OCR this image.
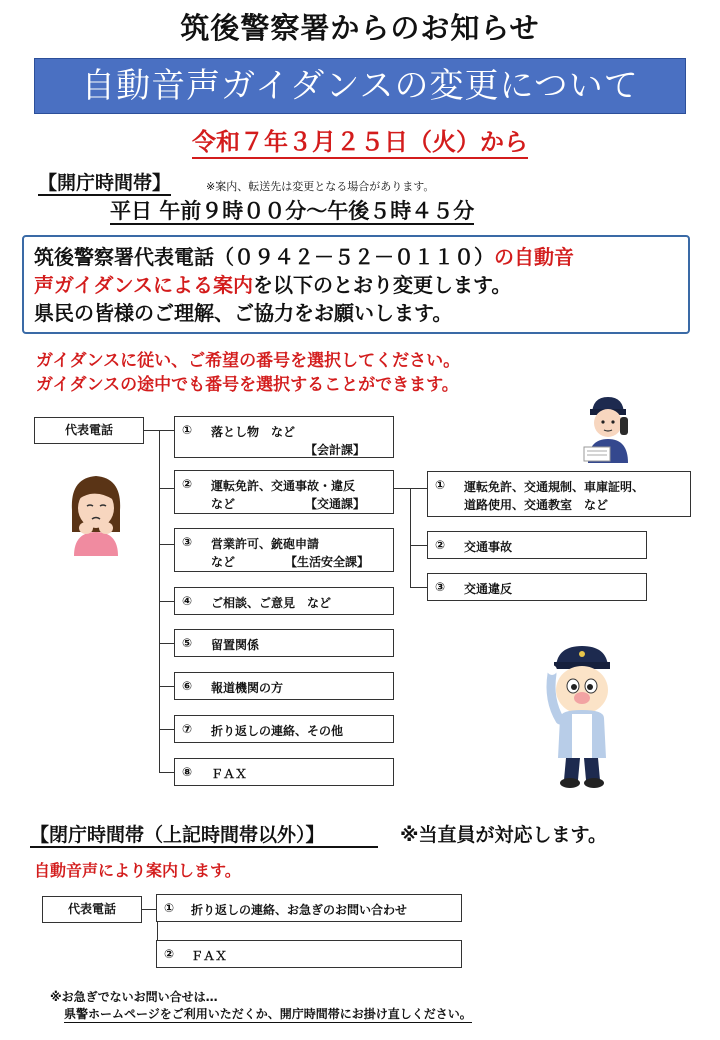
筑後警察署からのお知らせ
自動音声ガイダンスの変更について
令和７年３月２５日（火）から
【開庁時間帯】	※案内、転送先は変更となる場合があります。
平日 午前９時００分～午後５時４５分
筑後警察署代表電話（０９４２－５２－０１１０）の自動音
声ガイダンスによる案内を以下のとおり変更します。
県民の皆様のご理解、ご協力をお願いします。
ガイダンスに従い、ご希望の番号を選択してください。
ガイダンスの途中でも番号を選択することができます。
代表電話	① 落とし物　など
【会計課】
② 運転免許、交通事故・違反
など	【交通課】
③ 営業許可、銃砲申請
など	【生活安全課】
④ ご相談、ご意見　など
⑤ 留置関係
⑥ 報道機関の方
⑦ 折り返しの連絡、その他
⑧ ＦＡＸ
① 運転免許、交通規制、車庫証明、
道路使用、交通教室　など
② 交通事故
③ 交通違反
【閉庁時間帯（上記時間帯以外）】	※当直員が対応します。
自動音声により案内します。
代表電話	① 折り返しの連絡、お急ぎのお問い合わせ
② ＦＡＸ
※お急ぎでないお問い合せは…
県警ホームページをご利用いただくか、開庁時間帯にお掛け直しください。
